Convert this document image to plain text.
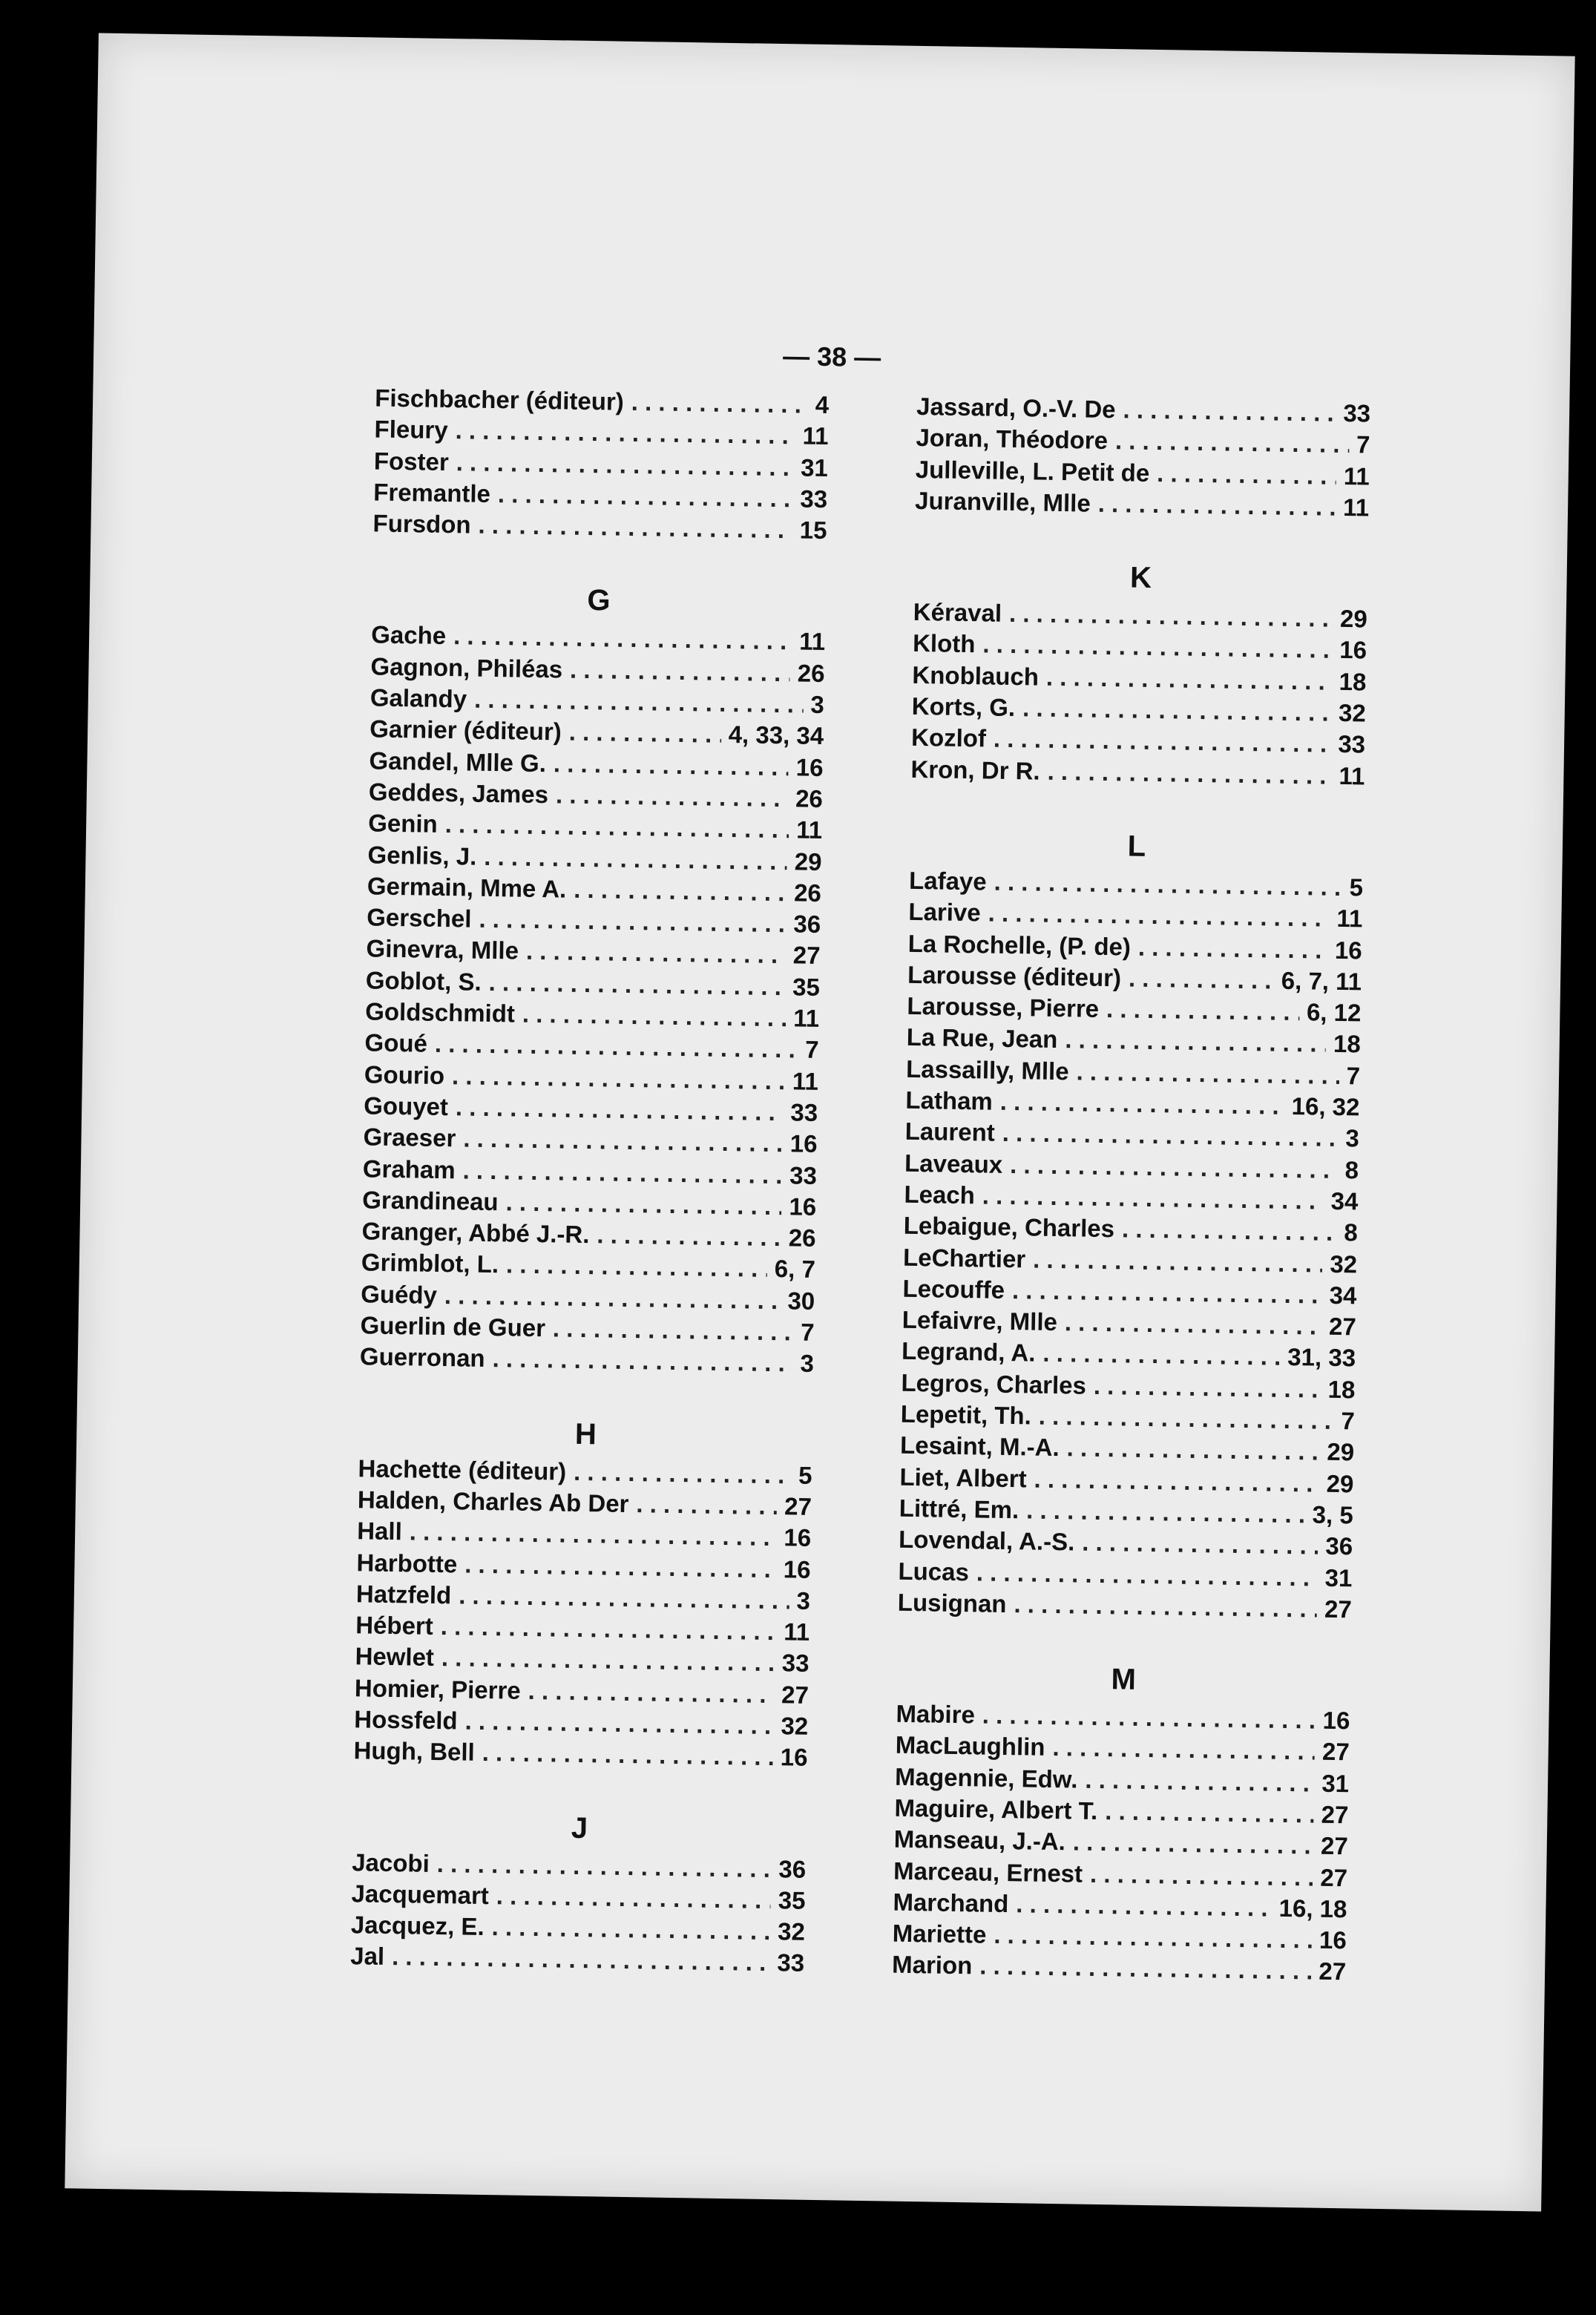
— 38 —
Fischbacher (éditeur) . . .	4
Fleury . . .	11
Foster . . .	31
Fremantle . . .	33
Fursdon . . .	15
G
Gache . . .	11
Gagnon, Philéas . . .	26
Galandy . . .	3
Garnier (éditeur) . . .	4, 33, 34
Gandel, Mlle G. . . .	16
Geddes, James . . .	26
Genin . . .	11
Genlis, J. . . .	29
Germain, Mme A. . . .	26
Gerschel . . .	36
Ginevra, Mlle . . .	27
Goblot, S. . . .	35
Goldschmidt . . .	11
Goué . . .	7
Gourio . . .	11
Gouyet . . .	33
Graeser . . .	16
Graham . . .	33
Grandineau . . .	16
Granger, Abbé J.-R. . . .	26
Grimblot, L. . . .	6, 7
Guédy . . .	30
Guerlin de Guer . . .	7
Guerronan . . .	3
H
Hachette (éditeur) . . .	5
Halden, Charles Ab Der . . .	27
Hall . . .	16
Harbotte . . .	16
Hatzfeld . . .	3
Hébert . . .	11
Hewlet . . .	33
Homier, Pierre . . .	27
Hossfeld . . .	32
Hugh, Bell . . .	16
J
Jacobi . . .	36
Jacquemart . . .	35
Jacquez, E. . . .	32
Jal . . .	33
Jassard, O.-V. De . . .	33
Joran, Théodore . . .	7
Julleville, L. Petit de . . .	11
Juranville, Mlle . . .	11
K
Kéraval . . .	29
Kloth . . .	16
Knoblauch . . .	18
Korts, G. . . .	32
Kozlof . . .	33
Kron, Dr R. . . .	11
L
Lafaye . . .	5
Larive . . .	11
La Rochelle, (P. de) . . .	16
Larousse (éditeur) . . .	6, 7, 11
Larousse, Pierre . . .	6, 12
La Rue, Jean . . .	18
Lassailly, Mlle . . .	7
Latham . . .	16, 32
Laurent . . .	3
Laveaux . . .	8
Leach . . .	34
Lebaigue, Charles . . .	8
LeChartier . . .	32
Lecouffe . . .	34
Lefaivre, Mlle . . .	27
Legrand, A. . . .	31, 33
Legros, Charles . . .	18
Lepetit, Th. . . .	7
Lesaint, M.-A. . . .	29
Liet, Albert . . .	29
Littré, Em. . . .	3, 5
Lovendal, A.-S. . . .	36
Lucas . . .	31
Lusignan . . .	27
M
Mabire . . .	16
MacLaughlin . . .	27
Magennie, Edw. . . .	31
Maguire, Albert T. . . .	27
Manseau, J.-A. . . .	27
Marceau, Ernest . . .	27
Marchand . . .	16, 18
Mariette . . .	16
Marion . . .	27
